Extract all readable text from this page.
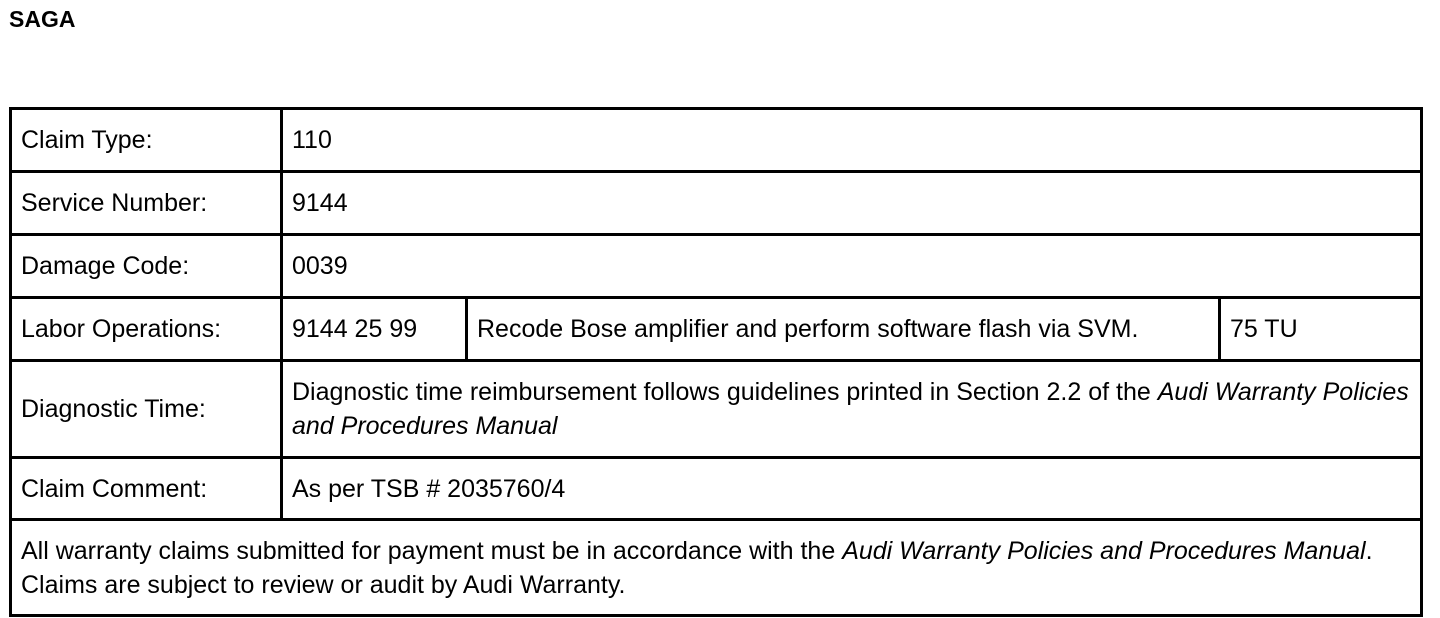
SAGA
Claim Type:	110		
Service Number:	9144		
Damage Code:	0039		
Labor Operations:	9144 25 99	Recode Bose amplifier and perform software flash via SVM.	75 TU
Diagnostic Time:	Diagnostic time reimbursement follows guidelines printed in Section 2.2 of the Audi Warranty Policies and Procedures Manual		
Claim Comment:	As per TSB # 2035760/4		
All warranty claims submitted for payment must be in accordance with the Audi Warranty Policies and Procedures Manual. Claims are subject to review or audit by Audi Warranty.			
